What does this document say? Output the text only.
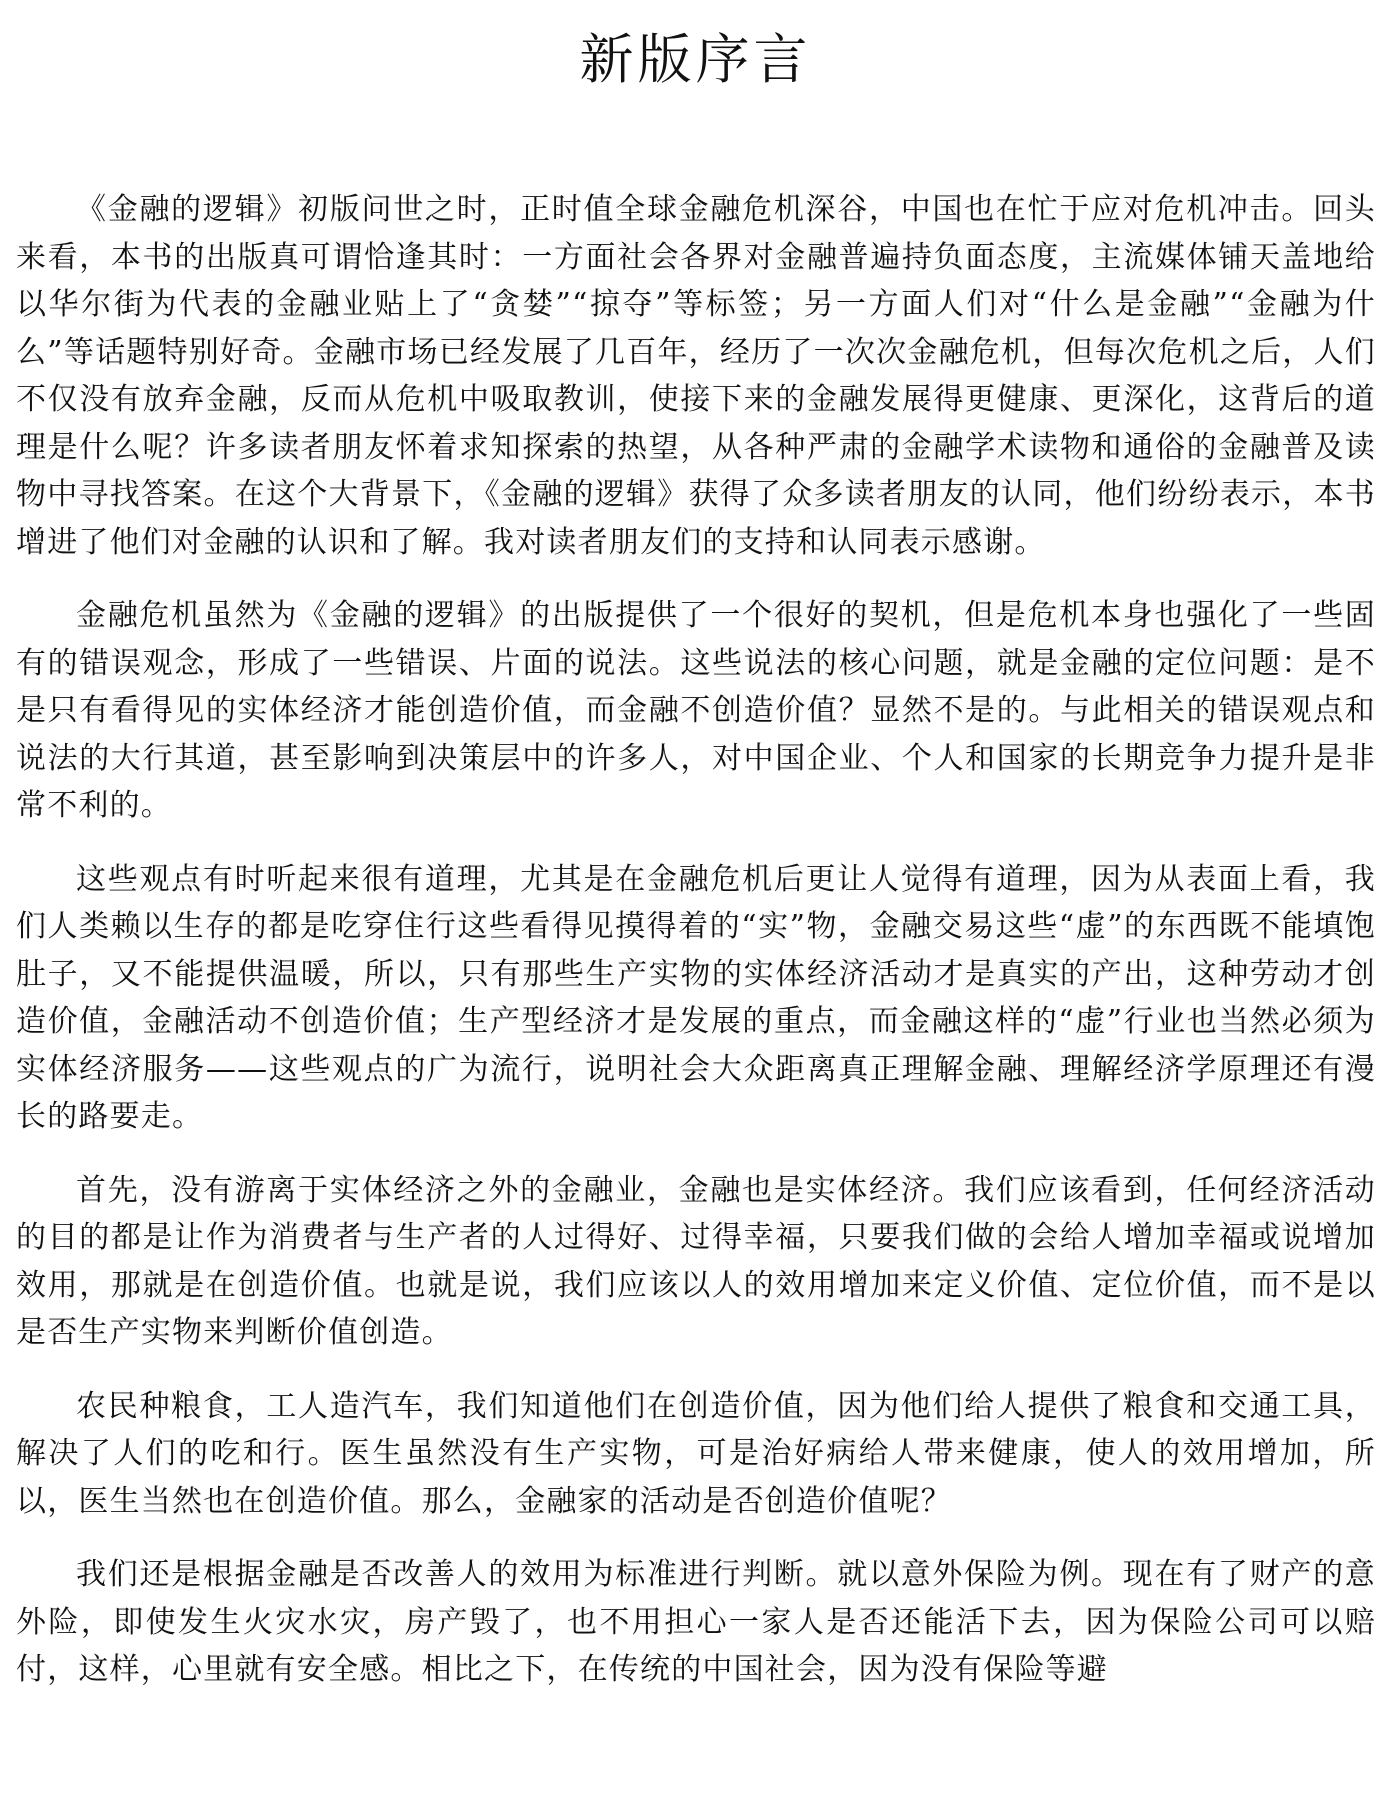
新版序言

《金融的逻辑》初版问世之时，正时值全球金融危机深谷，中国也在忙于应对危机冲击。回头来看，本书的出版真可谓恰逢其时：一方面社会各界对金融普遍持负面态度，主流媒体铺天盖地给以华尔街为代表的金融业贴上了“贪婪”“掠夺”等标签；另一方面人们对“什么是金融”“金融为什么”等话题特别好奇。金融市场已经发展了几百年，经历了一次次金融危机，但每次危机之后，人们不仅没有放弃金融，反而从危机中吸取教训，使接下来的金融发展得更健康、更深化，这背后的道理是什么呢？许多读者朋友怀着求知探索的热望，从各种严肃的金融学术读物和通俗的金融普及读物中寻找答案。在这个大背景下，《金融的逻辑》获得了众多读者朋友的认同，他们纷纷表示，本书增进了他们对金融的认识和了解。我对读者朋友们的支持和认同表示感谢。

金融危机虽然为《金融的逻辑》的出版提供了一个很好的契机，但是危机本身也强化了一些固有的错误观念，形成了一些错误、片面的说法。这些说法的核心问题，就是金融的定位问题：是不是只有看得见的实体经济才能创造价值，而金融不创造价值？显然不是的。与此相关的错误观点和说法的大行其道，甚至影响到决策层中的许多人，对中国企业、个人和国家的长期竞争力提升是非常不利的。

这些观点有时听起来很有道理，尤其是在金融危机后更让人觉得有道理，因为从表面上看，我们人类赖以生存的都是吃穿住行这些看得见摸得着的“实”物，金融交易这些“虚”的东西既不能填饱肚子，又不能提供温暖，所以，只有那些生产实物的实体经济活动才是真实的产出，这种劳动才创造价值，金融活动不创造价值；生产型经济才是发展的重点，而金融这样的“虚”行业也当然必须为实体经济服务——这些观点的广为流行，说明社会大众距离真正理解金融、理解经济学原理还有漫长的路要走。

首先，没有游离于实体经济之外的金融业，金融也是实体经济。我们应该看到，任何经济活动的目的都是让作为消费者与生产者的人过得好、过得幸福，只要我们做的会给人增加幸福或说增加效用，那就是在创造价值。也就是说，我们应该以人的效用增加来定义价值、定位价值，而不是以是否生产实物来判断价值创造。

农民种粮食，工人造汽车，我们知道他们在创造价值，因为他们给人提供了粮食和交通工具，解决了人们的吃和行。医生虽然没有生产实物，可是治好病给人带来健康，使人的效用增加，所以，医生当然也在创造价值。那么，金融家的活动是否创造价值呢？

我们还是根据金融是否改善人的效用为标准进行判断。就以意外保险为例。现在有了财产的意外险，即使发生火灾水灾，房产毁了，也不用担心一家人是否还能活下去，因为保险公司可以赔付，这样，心里就有安全感。相比之下，在传统的中国社会，因为没有保险等避
